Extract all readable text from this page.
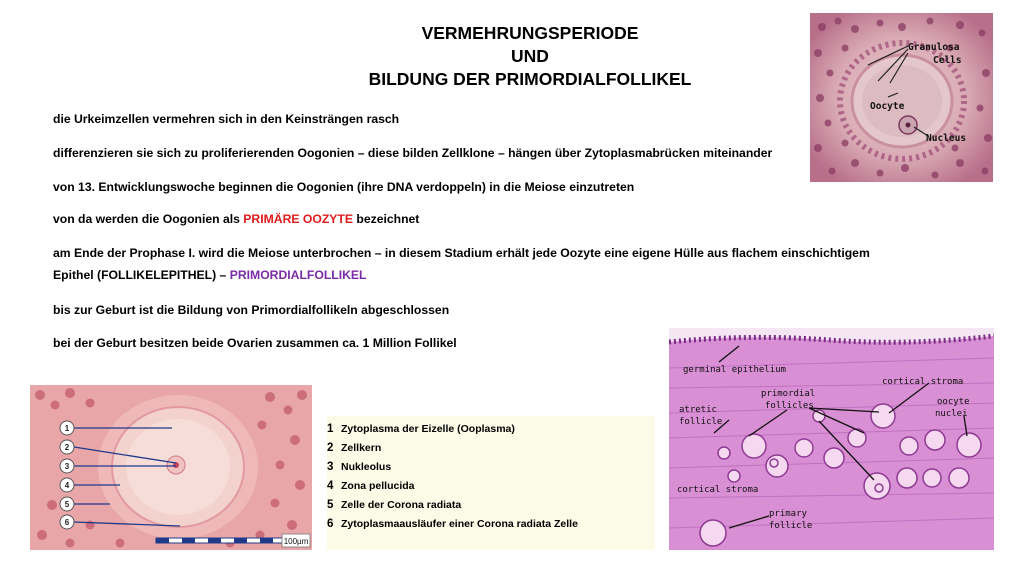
VERMEHRUNGSPERIODE
UND
BILDUNG DER PRIMORDIALFOLLIKEL
die Urkeimzellen vermehren sich in den Keinsträngen rasch
differenzieren sie sich zu proliferierenden Oogonien – diese bilden Zellklone – hängen über Zytoplasmabrücken miteinander
von 13. Entwicklungswoche beginnen die Oogonien (ihre DNA verdoppeln) in die Meiose einzutreten
von da werden die Oogonien als PRIMÄRE OOZYTE bezeichnet
am Ende der Prophase I. wird die Meiose unterbrochen – in diesem Stadium erhält jede Oozyte eine eigene Hülle aus flachem einschichtigem
Epithel (FOLLIKELEPITHEL) – PRIMORDIALFOLLIKEL
bis zur Geburt ist die Bildung von Primordialfollikeln abgeschlossen
bei der Geburt besitzen beide Ovarien zusammen ca. 1 Million Follikel
Granulosa
Cells
Oocyte
Nucleus
1
2
3
4
5
6
100µm
1 Zytoplasma der Eizelle (Ooplasma)
2 Zellkern
3 Nukleolus
4 Zona pellucida
5 Zelle der Corona radiata
6 Zytoplasmaausläufer einer Corona radiata Zelle
germinal epithelium
cortical stroma
primordial
follicles
atretic
follicle
oocyte
nuclei
cortical stroma
primary
follicle
